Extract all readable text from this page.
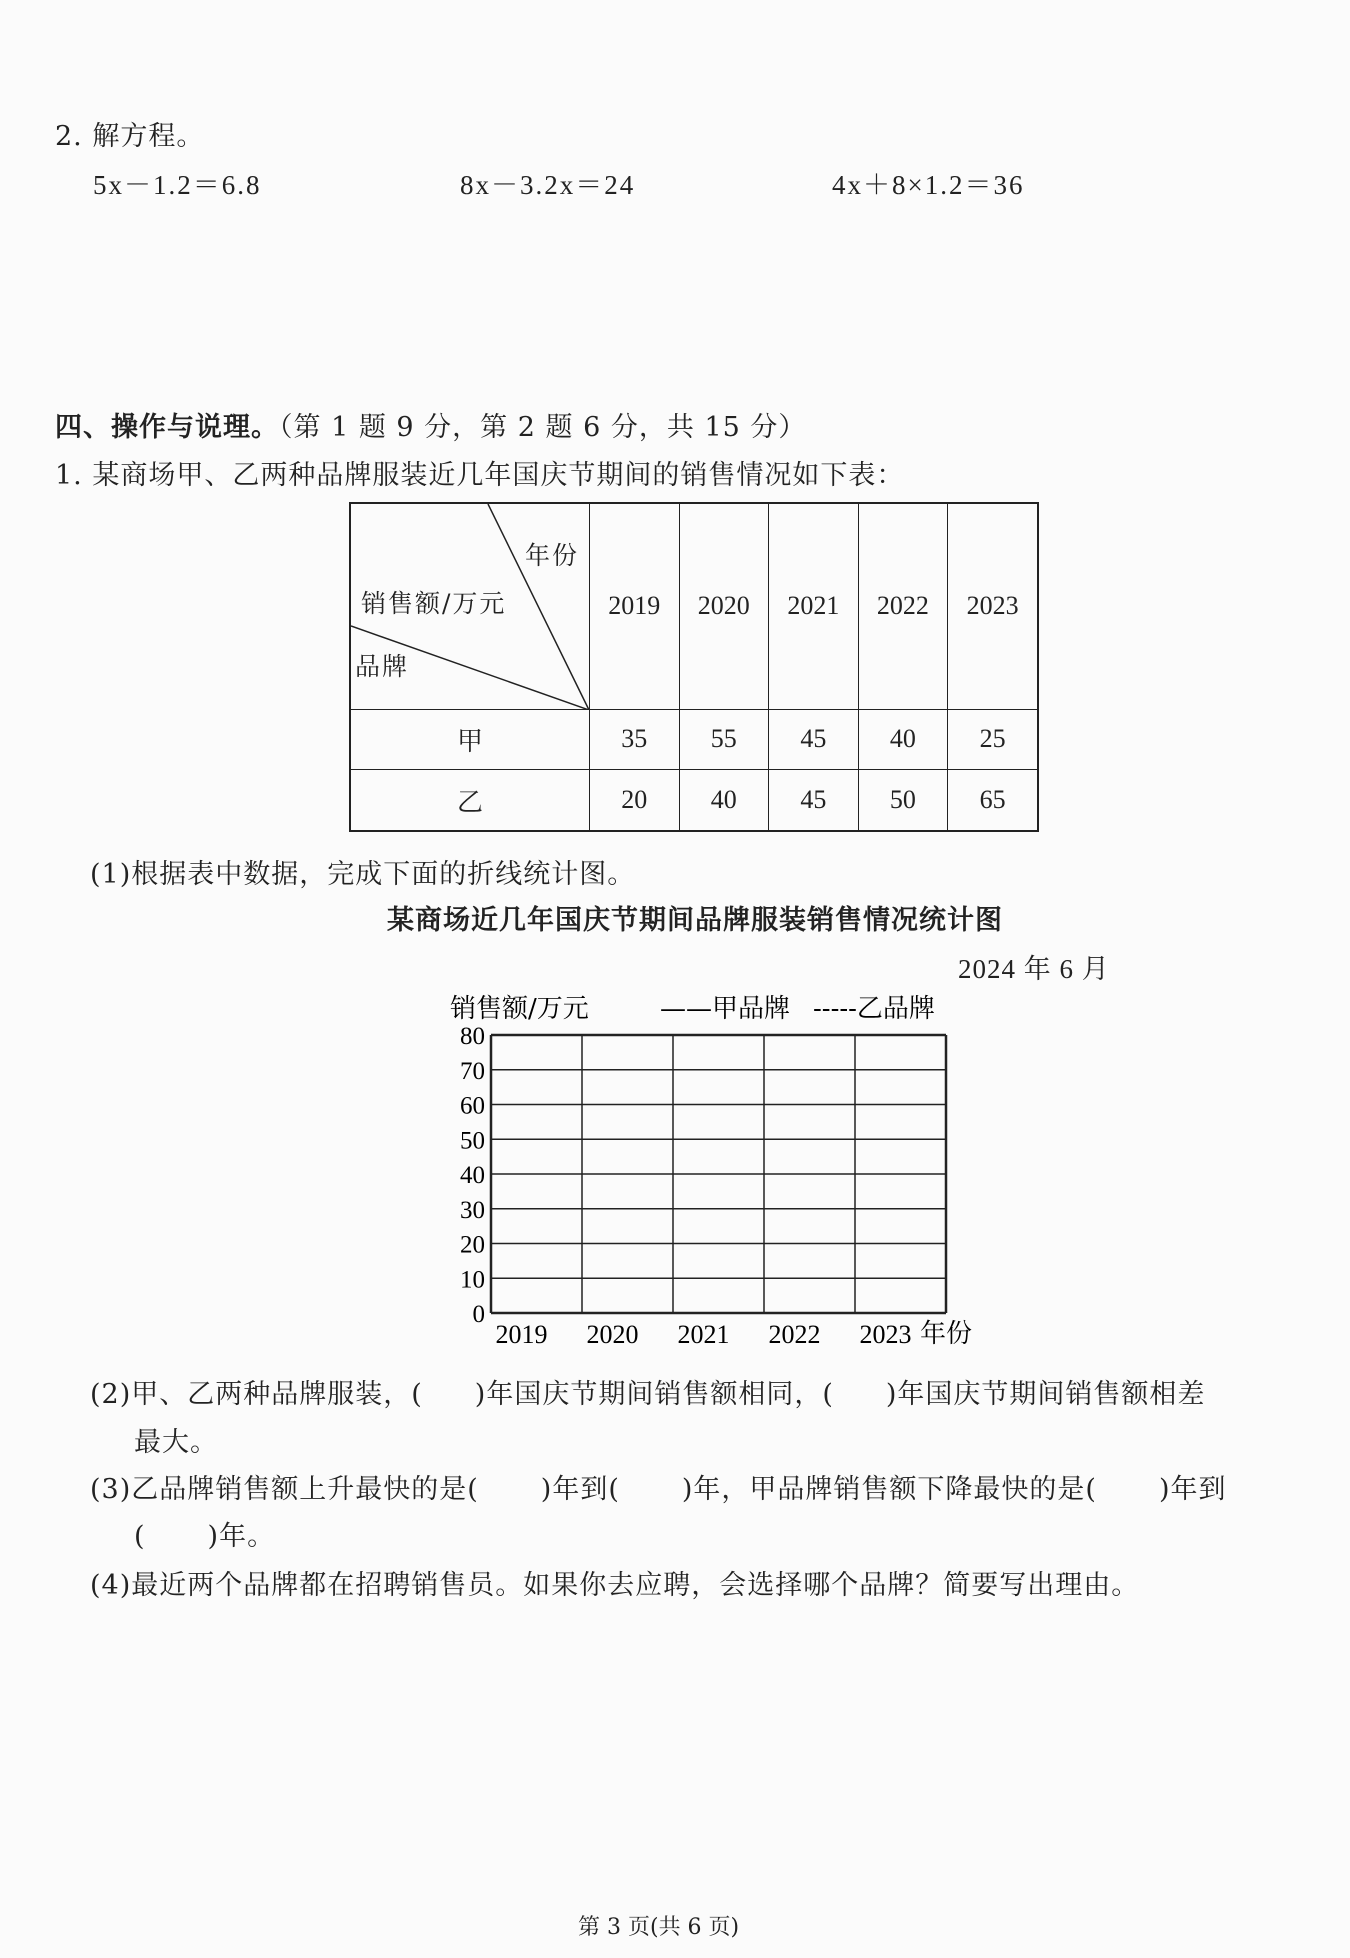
2. 解方程。
5x－1.2＝6.8	8x－3.2x＝24	4x＋8×1.2＝36
四、操作与说理。（第 1 题 9 分，第 2 题 6 分，共 15 分）
1. 某商场甲、乙两种品牌服装近几年国庆节期间的销售情况如下表：
年份
销售额/万元
品牌	2019	2020	2021	2022	2023
甲	35	55	45	40	25
乙	20	40	45	50	65
(1)根据表中数据，完成下面的折线统计图。
某商场近几年国庆节期间品牌服装销售情况统计图
2024 年 6 月
销售额/万元	——甲品牌 -----乙品牌
80
70
60
50
40
30
20
10
0
2019 2020 2021 2022 2023 年份
(2)甲、乙两种品牌服装，( )年国庆节期间销售额相同，( )年国庆节期间销售额相差
最大。
(3)乙品牌销售额上升最快的是( )年到( )年，甲品牌销售额下降最快的是( )年到
( )年。
(4)最近两个品牌都在招聘销售员。如果你去应聘，会选择哪个品牌？简要写出理由。
第 3 页(共 6 页)
